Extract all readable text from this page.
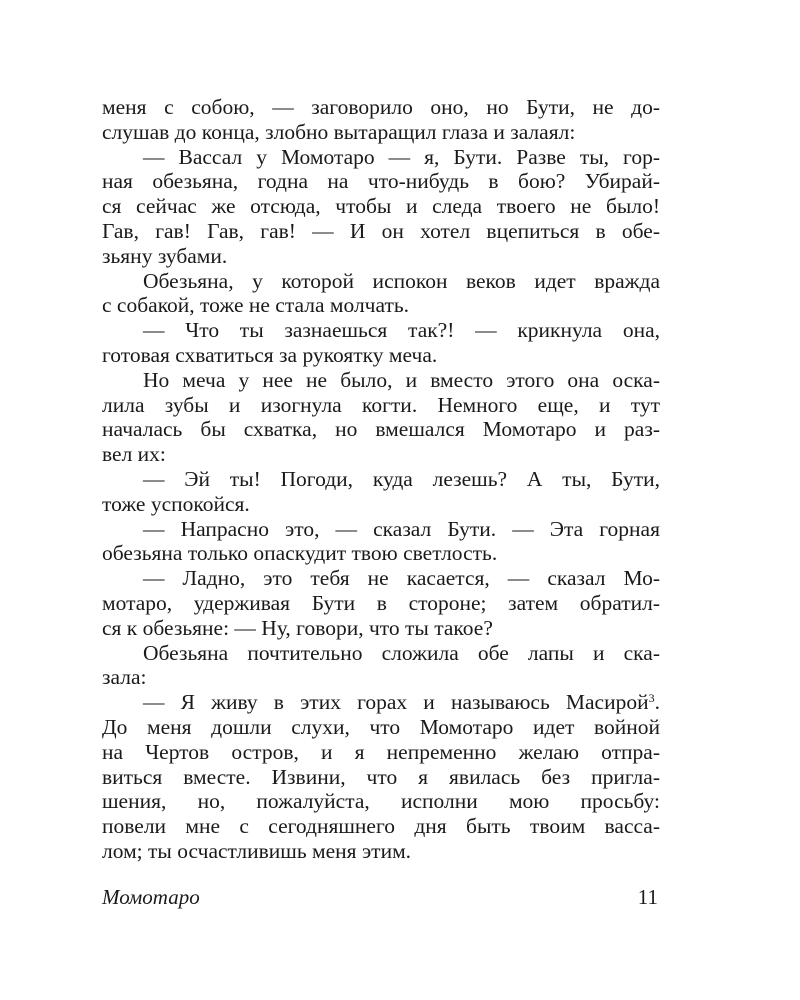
меня с собою, — заговорило оно, но Бути, не до-
слушав до конца, злобно вытаращил глаза и залаял:
— Вассал у Момотаро — я, Бути. Разве ты, гор-
ная обезьяна, годна на что-нибудь в бою? Убирай-
ся сейчас же отсюда, чтобы и следа твоего не было!
Гав, гав! Гав, гав! — И он хотел вцепиться в обе-
зьяну зубами.
Обезьяна, у которой испокон веков идет вражда
с собакой, тоже не стала молчать.
— Что ты зазнаешься так?! — крикнула она,
готовая схватиться за рукоятку меча.
Но меча у нее не было, и вместо этого она оска-
лила зубы и изогнула когти. Немного еще, и тут
началась бы схватка, но вмешался Момотаро и раз-
вел их:
— Эй ты! Погоди, куда лезешь? А ты, Бути,
тоже успокойся.
— Напрасно это, — сказал Бути. — Эта горная
обезьяна только опаскудит твою светлость.
— Ладно, это тебя не касается, — сказал Мо-
мотаро, удерживая Бути в стороне; затем обратил-
ся к обезьяне: — Ну, говори, что ты такое?
Обезьяна почтительно сложила обе лапы и ска-
зала:
— Я живу в этих горах и называюсь Масирой$^3$.
До меня дошли слухи, что Момотаро идет войной
на Чертов остров, и я непременно желаю отпра-
виться вместе. Извини, что я явилась без пригла-
шения, но, пожалуйста, исполни мою просьбу:
повели мне с сегодняшнего дня быть твоим васса-
лом; ты осчастливишь меня этим.
Момотаро	11
